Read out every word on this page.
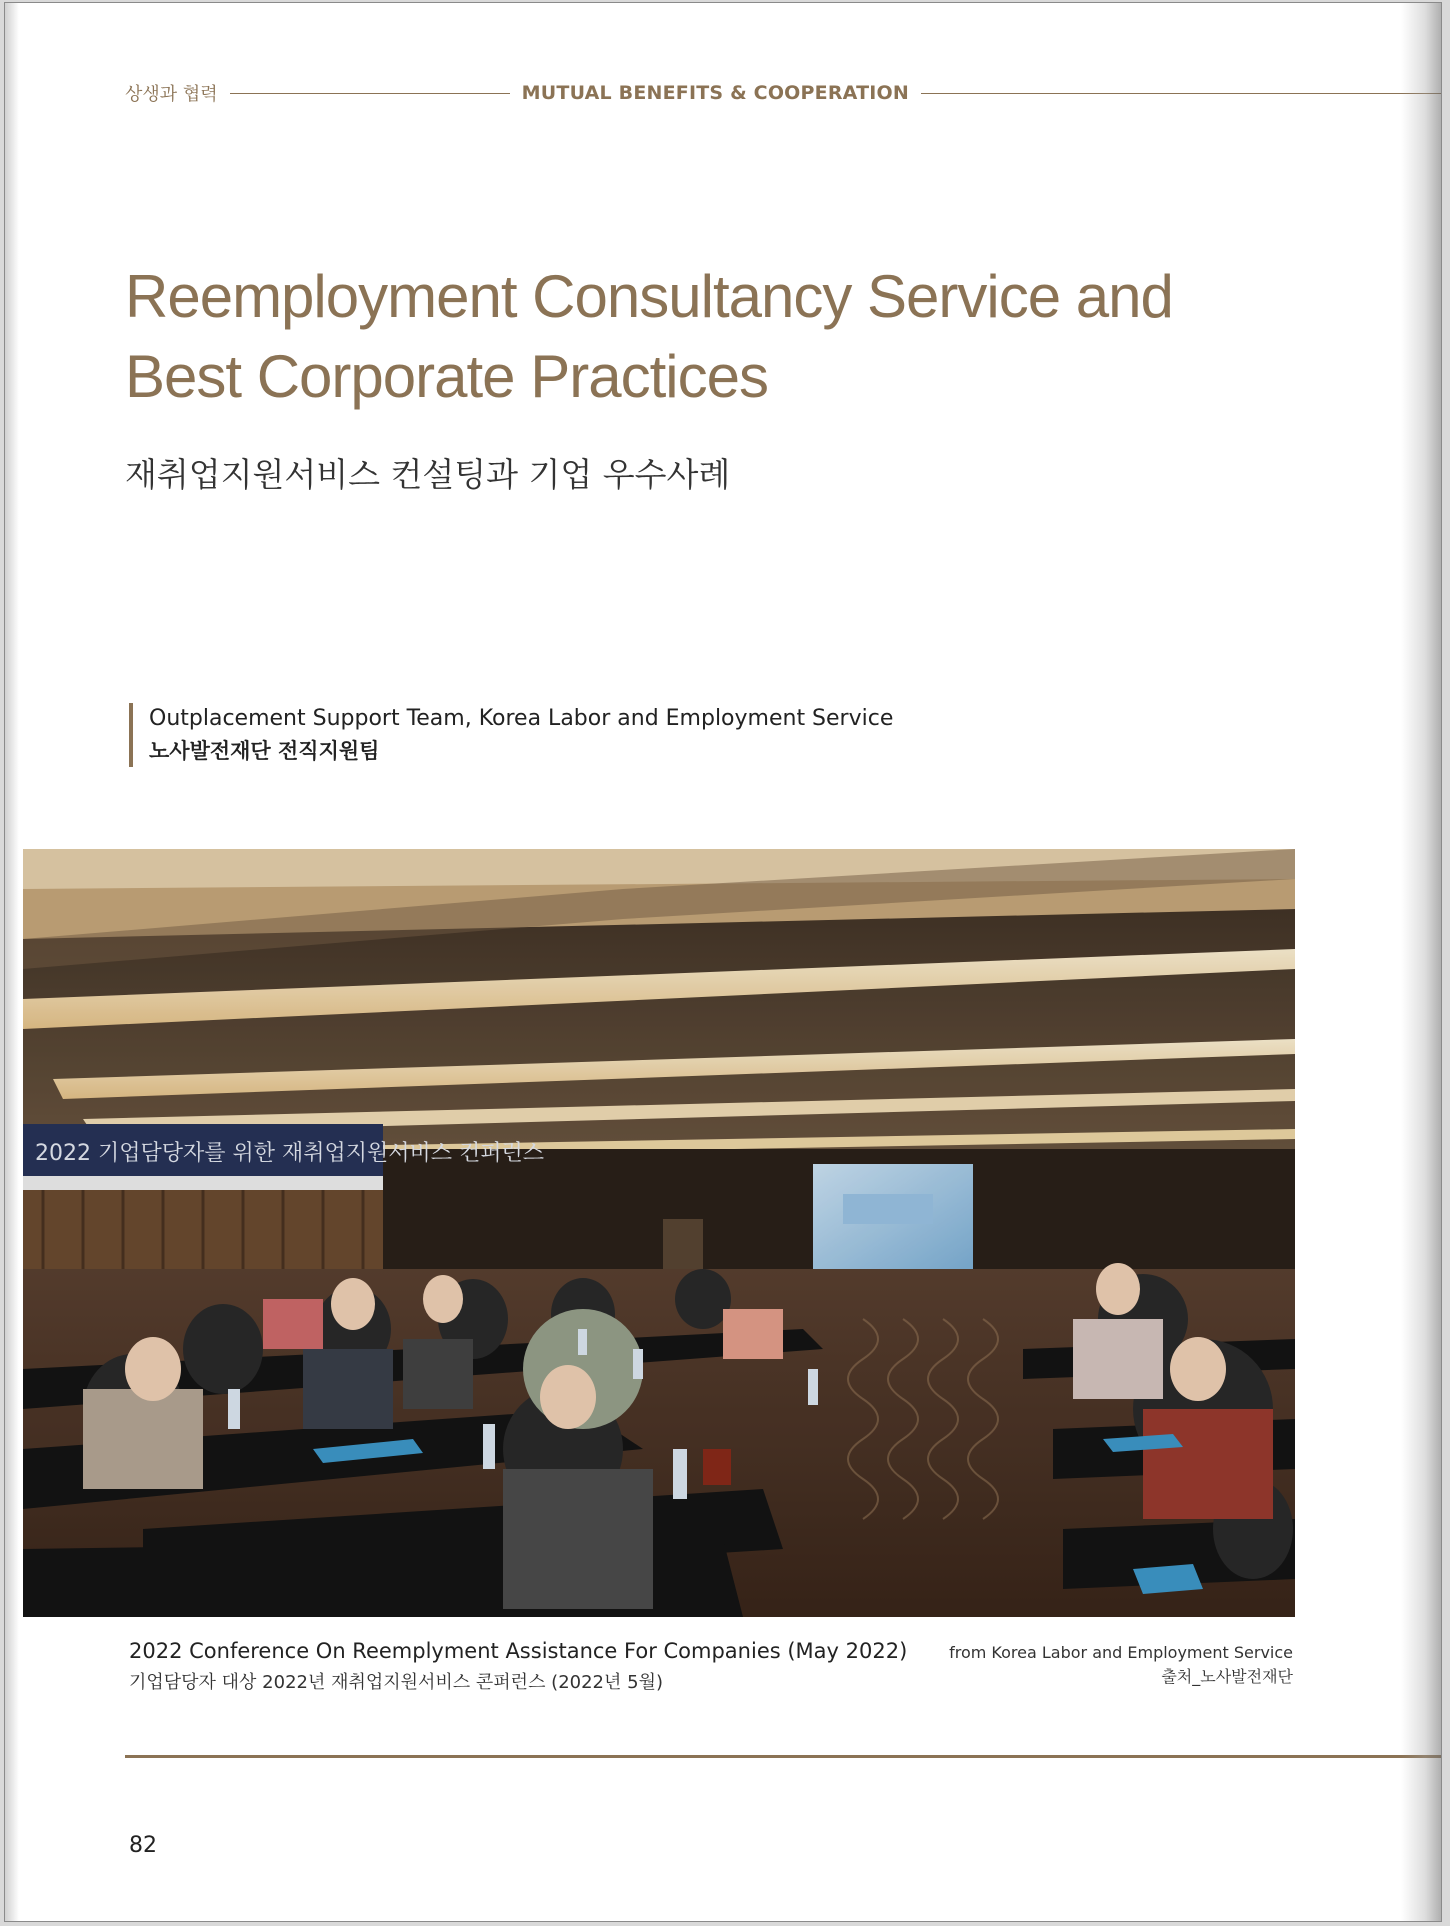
상생과 협력	MUTUAL BENEFITS & COOPERATION
Reemployment Consultancy Service and
Best Corporate Practices
재취업지원서비스 컨설팅과 기업 우수사례
Outplacement Support Team, Korea Labor and Employment Service
노사발전재단 전직지원팀
2022 기업담당자를 위한 재취업지원서비스 컨퍼런스
2022 Conference On Reemplyment Assistance For Companies (May 2022)
기업담당자 대상 2022년 재취업지원서비스 콘퍼런스 (2022년 5월)
from Korea Labor and Employment Service
출처_노사발전재단
82
